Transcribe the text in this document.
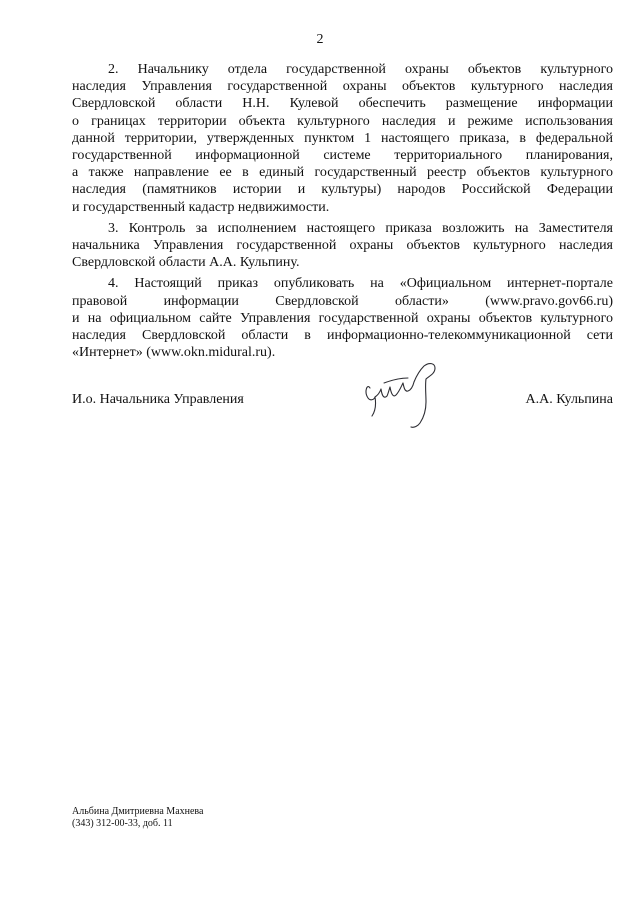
2
2. Начальнику отдела государственной охраны объектов культурного
наследия Управления государственной охраны объектов культурного наследия
Свердловской области Н.Н. Кулевой обеспечить размещение информации
о границах территории объекта культурного наследия и режиме использования
данной территории, утвержденных пунктом 1 настоящего приказа, в федеральной
государственной информационной системе территориального планирования,
а также направление ее в единый государственный реестр объектов культурного
наследия (памятников истории и культуры) народов Российской Федерации
и государственный кадастр недвижимости.
3. Контроль за исполнением настоящего приказа возложить на Заместителя
начальника Управления государственной охраны объектов культурного наследия
Свердловской области А.А. Кульпину.
4. Настоящий приказ опубликовать на «Официальном интернет-портале
правовой информации Свердловской области» (www.pravo.gov66.ru)
и на официальном сайте Управления государственной охраны объектов культурного
наследия Свердловской области в информационно-телекоммуникационной сети
«Интернет» (www.okn.midural.ru).
И.о. Начальника Управления	А.А. Кульпина
Альбина Дмитриевна Махнева
(343) 312-00-33, доб. 11
